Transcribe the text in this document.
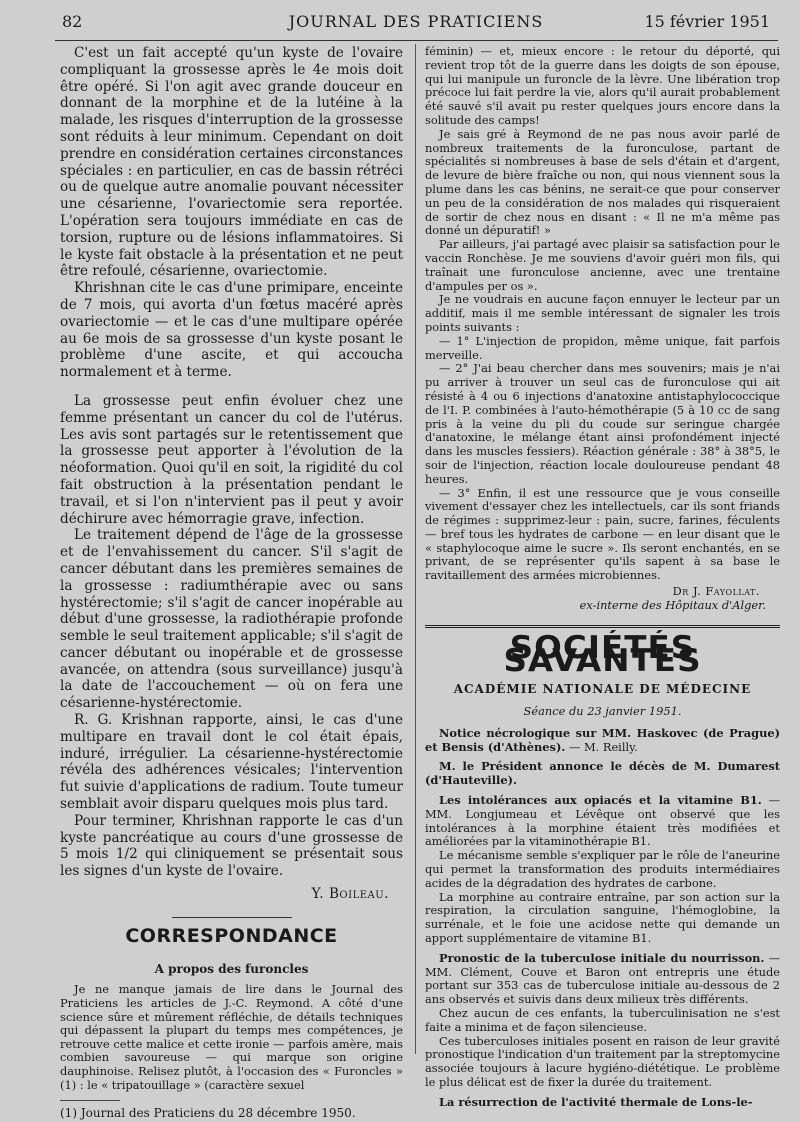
82	JOURNAL DES PRATICIENS	15 février 1951

C'est un fait accepté qu'un kyste de l'ovaire compliquant la grossesse après le 4e mois doit être opéré. Si l'on agit avec grande douceur en donnant de la morphine et de la lutéine à la malade, les risques d'interruption de la grossesse sont réduits à leur minimum. Cependant on doit prendre en considération certaines circonstances spéciales : en particulier, en cas de bassin rétréci ou de quelque autre anomalie pouvant nécessiter une césarienne, l'ovariectomie sera reportée. L'opération sera toujours immédiate en cas de torsion, rupture ou de lésions inflammatoires. Si le kyste fait obstacle à la présentation et ne peut être refoulé, césarienne, ovariectomie.

Khrishnan cite le cas d'une primipare, enceinte de 7 mois, qui avorta d'un fœtus macéré après ovariectomie — et le cas d'une multipare opérée au 6e mois de sa grossesse d'un kyste posant le problème d'une ascite, et qui accoucha normalement et à terme.

La grossesse peut enfin évoluer chez une femme présentant un cancer du col de l'utérus. Les avis sont partagés sur le retentissement que la grossesse peut apporter à l'évolution de la néoformation. Quoi qu'il en soit, la rigidité du col fait obstruction à la présentation pendant le travail, et si l'on n'intervient pas il peut y avoir déchirure avec hémorragie grave, infection.

Le traitement dépend de l'âge de la grossesse et de l'envahissement du cancer. S'il s'agit de cancer débutant dans les premières semaines de la grossesse : radiumthérapie avec ou sans hystérectomie; s'il s'agit de cancer inopérable au début d'une grossesse, la radiothérapie profonde semble le seul traitement applicable; s'il s'agit de cancer débutant ou inopérable et de grossesse avancée, on attendra (sous surveillance) jusqu'à la date de l'accouchement — où on fera une césarienne-hystérectomie.

R. G. Krishnan rapporte, ainsi, le cas d'une multipare en travail dont le col était épais, induré, irrégulier. La césarienne-hystérectomie révéla des adhérences vésicales; l'intervention fut suivie d'applications de radium. Toute tumeur semblait avoir disparu quelques mois plus tard.

Pour terminer, Khrishnan rapporte le cas d'un kyste pancréatique au cours d'une grossesse de 5 mois 1/2 qui cliniquement se présentait sous les signes d'un kyste de l'ovaire.

Y. Boileau.

CORRESPONDANCE
A propos des furoncles

Je ne manque jamais de lire dans le Journal des Praticiens les articles de J.-C. Reymond. A côté d'une science sûre et mûrement réfléchie, de détails techniques qui dépassent la plupart du temps mes compétences, je retrouve cette malice et cette ironie — parfois amère, mais combien savoureuse — qui marque son origine dauphinoise. Relisez plutôt, à l'occasion des « Furoncles » (1) : le « tripatouillage » (caractère sexuel

(1) Journal des Praticiens du 28 décembre 1950.

féminin) — et, mieux encore : le retour du déporté, qui revient trop tôt de la guerre dans les doigts de son épouse, qui lui manipule un furoncle de la lèvre. Une libération trop précoce lui fait perdre la vie, alors qu'il aurait probablement été sauvé s'il avait pu rester quelques jours encore dans la solitude des camps!

Je sais gré à Reymond de ne pas nous avoir parlé de nombreux traitements de la furonculose, partant de spécialités si nombreuses à base de sels d'étain et d'argent, de levure de bière fraîche ou non, qui nous viennent sous la plume dans les cas bénins, ne serait-ce que pour conserver un peu de la considération de nos malades qui risqueraient de sortir de chez nous en disant : « Il ne m'a même pas donné un dépuratif! »

Par ailleurs, j'ai partagé avec plaisir sa satisfaction pour le vaccin Ronchèse. Je me souviens d'avoir guéri mon fils, qui traînait une furonculose ancienne, avec une trentaine d'ampules per os ».

Je ne voudrais en aucune façon ennuyer le lecteur par un additif, mais il me semble intéressant de signaler les trois points suivants :

— 1° L'injection de propidon, même unique, fait parfois merveille.

— 2° J'ai beau chercher dans mes souvenirs; mais je n'ai pu arriver à trouver un seul cas de furonculose qui ait résisté à 4 ou 6 injections d'anatoxine antistaphylococcique de l'I. P. combinées à l'auto-hémothérapie (5 à 10 cc de sang pris à la veine du pli du coude sur seringue chargée d'anatoxine, le mélange étant ainsi profondément injecté dans les muscles fessiers). Réaction générale : 38° à 38°5, le soir de l'injection, réaction locale douloureuse pendant 48 heures.

— 3° Enfin, il est une ressource que je vous conseille vivement d'essayer chez les intellectuels, car ils sont friands de régimes : supprimez-leur : pain, sucre, farines, féculents — bref tous les hydrates de carbone — en leur disant que le « staphylocoque aime le sucre ». Ils seront enchantés, en se privant, de se représenter qu'ils sapent à sa base le ravitaillement des armées microbiennes.

Dr J. Fayollat.

ex-interne des Hôpitaux d'Alger.

SOCIÉTÉS SAVANTES
ACADÉMIE NATIONALE DE MÉDECINE
Séance du 23 janvier 1951.

Notice nécrologique sur MM. Haskovec (de Prague) et Bensis (d'Athènes). — M. Reilly.

M. le Président annonce le décès de M. Dumarest (d'Hauteville).

Les intolérances aux opiacés et la vitamine B1. — MM. Longjumeau et Lévêque ont observé que les intolérances à la morphine étaient très modifiées et améliorées par la vitaminothérapie B1.

Le mécanisme semble s'expliquer par le rôle de l'aneurine qui permet la transformation des produits intermédiaires acides de la dégradation des hydrates de carbone.

La morphine au contraire entraîne, par son action sur la respiration, la circulation sanguine, l'hémoglobine, la surrénale, et le foie une acidose nette qui demande un apport supplémentaire de vitamine B1.

Pronostic de la tuberculose initiale du nourrisson. — MM. Clément, Couve et Baron ont entrepris une étude portant sur 353 cas de tuberculose initiale au-dessous de 2 ans observés et suivis dans deux milieux très différents.

Chez aucun de ces enfants, la tuberculinisation ne s'est faite a minima et de façon silencieuse.

Ces tuberculoses initiales posent en raison de leur gravité pronostique l'indication d'un traitement par la streptomycine associée toujours à lacure hygiéno-diététique. Le problème le plus délicat est de fixer la durée du traitement.

La résurrection de l'activité thermale de Lons-le-
